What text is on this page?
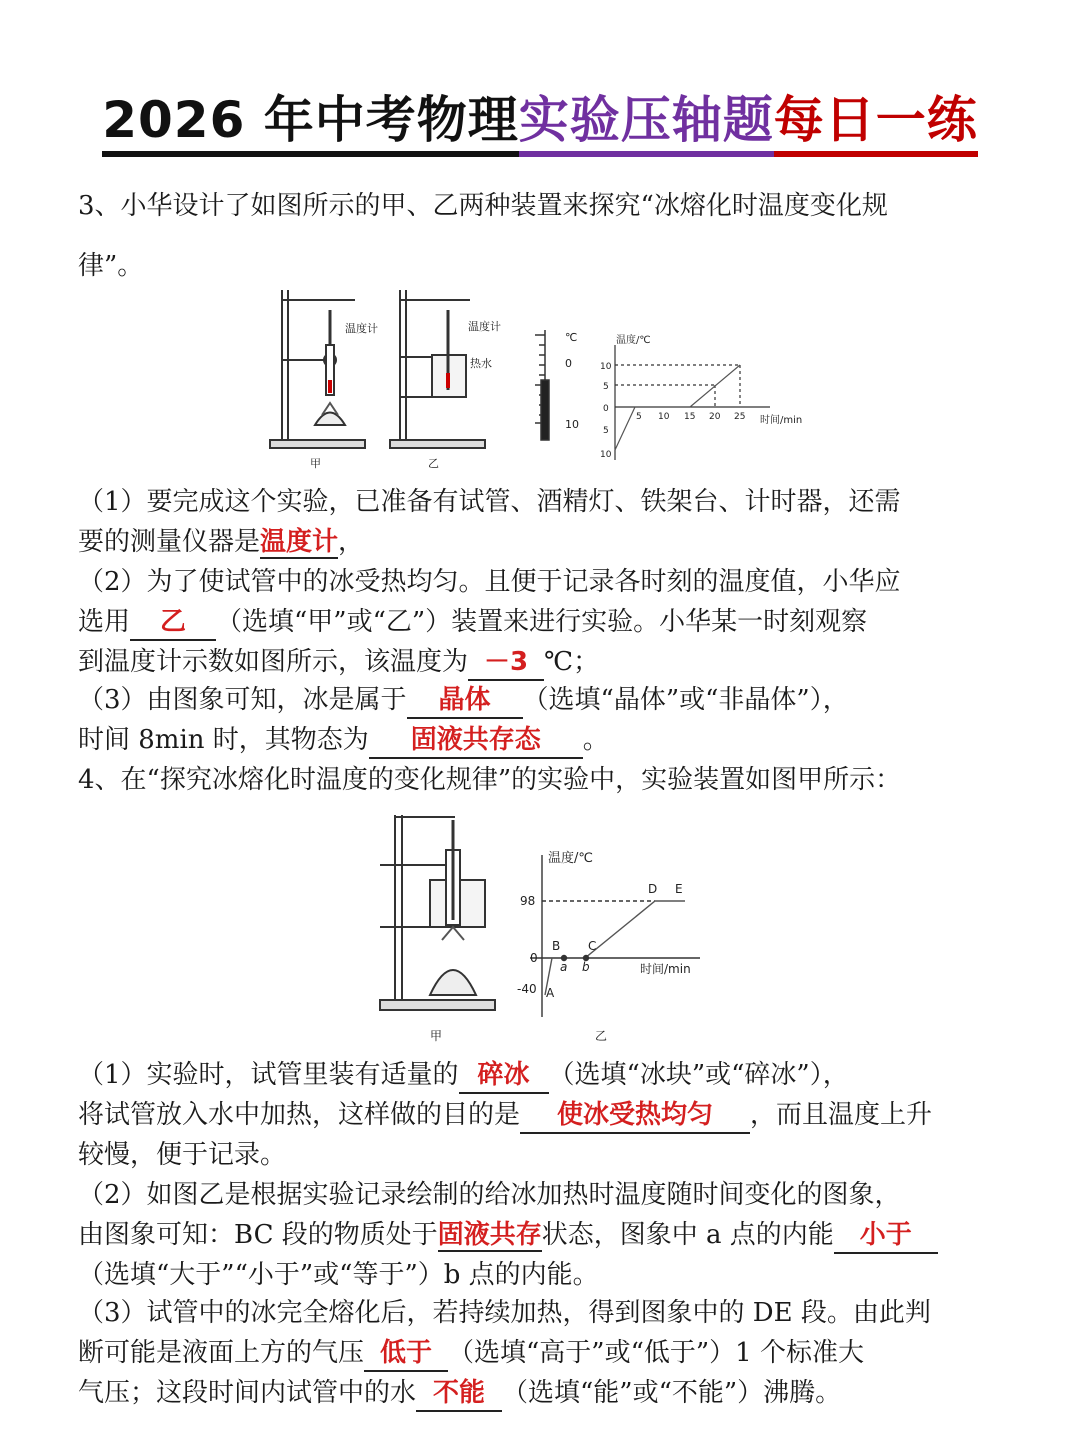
2026 年中考物理实验压轴题每日一练

3、小华设计了如图所示的甲、乙两种装置来探究“冰熔化时温度变化规
律”。

甲
温度计	温度计
热水
乙
℃
0
10
温度/℃
时间/min
10
5
0
5
10
5 10 15 20 25

（1）要完成这个实验，已准备有试管、酒精灯、铁架台、计时器，还需
要的测量仪器是温度计，

（2）为了使试管中的冰受热均匀。且便于记录各时刻的温度值，小华应
选用 乙 （选填“甲”或“乙”）装置来进行实验。小华某一时刻观察
到温度计示数如图所示，该温度为 －3 ℃；

（3）由图象可知，冰是属于 晶体 （选填“晶体”或“非晶体”），
时间 8min 时，其物态为 固液共存态 。

4、在“探究冰熔化时温度的变化规律”的实验中，实验装置如图甲所示：

甲
温度/℃
时间/min
98
0
-40 A
B C
D E
a b
乙

（1）实验时，试管里装有适量的 碎冰 （选填“冰块”或“碎冰”），
将试管放入水中加热，这样做的目的是 使冰受热均匀 ，而且温度上升
较慢，便于记录。

（2）如图乙是根据实验记录绘制的给冰加热时温度随时间变化的图象，
由图象可知：BC 段的物质处于固液共存状态，图象中 a 点的内能 小于
（选填“大于”“小于”或“等于”）b 点的内能。

（3）试管中的冰完全熔化后，若持续加热，得到图象中的 DE 段。由此判
断可能是液面上方的气压 低于 （选填“高于”或“低于”）1 个标准大
气压；这段时间内试管中的水 不能 （选填“能”或“不能”）沸腾。
